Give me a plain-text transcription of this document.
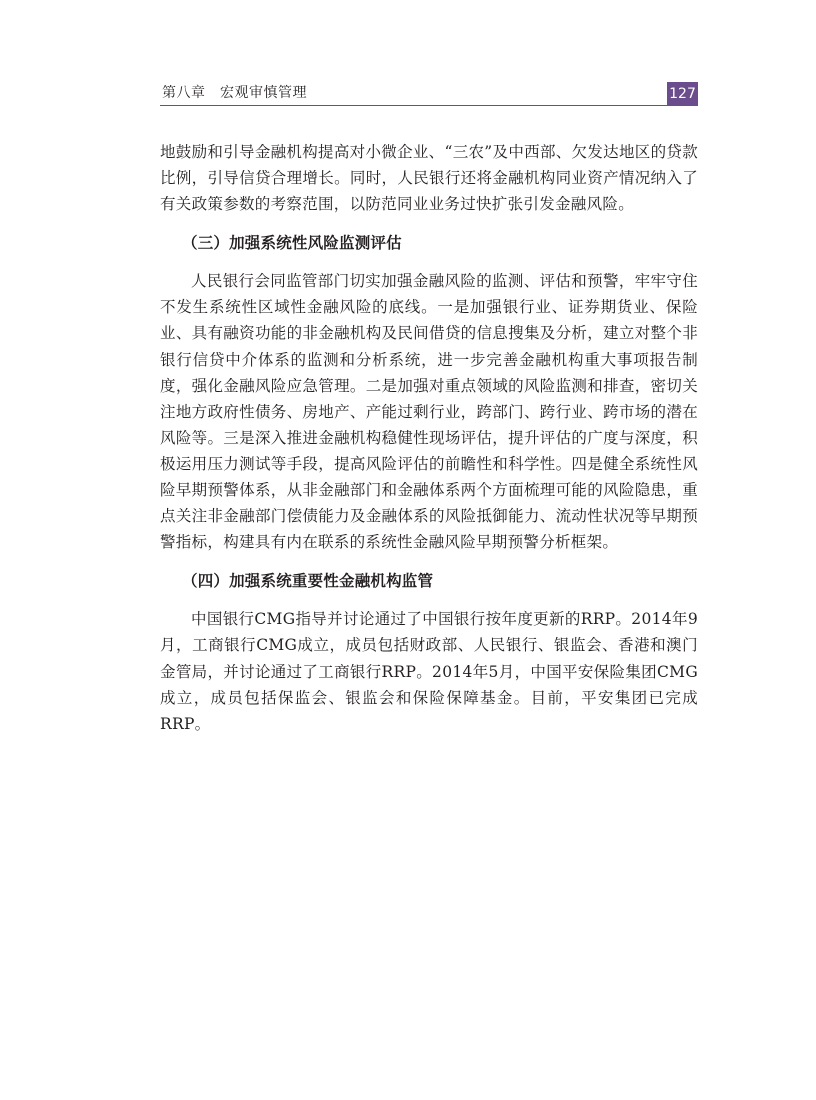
第八章　宏观审慎管理	127

地鼓励和引导金融机构提高对小微企业、“三农”及中西部、欠发达地区的贷款比例，引导信贷合理增长。同时，人民银行还将金融机构同业资产情况纳入了有关政策参数的考察范围，以防范同业业务过快扩张引发金融风险。

（三）加强系统性风险监测评估

人民银行会同监管部门切实加强金融风险的监测、评估和预警，牢牢守住不发生系统性区域性金融风险的底线。一是加强银行业、证券期货业、保险业、具有融资功能的非金融机构及民间借贷的信息搜集及分析，建立对整个非银行信贷中介体系的监测和分析系统，进一步完善金融机构重大事项报告制度，强化金融风险应急管理。二是加强对重点领域的风险监测和排查，密切关注地方政府性债务、房地产、产能过剩行业，跨部门、跨行业、跨市场的潜在风险等。三是深入推进金融机构稳健性现场评估，提升评估的广度与深度，积极运用压力测试等手段，提高风险评估的前瞻性和科学性。四是健全系统性风险早期预警体系，从非金融部门和金融体系两个方面梳理可能的风险隐患，重点关注非金融部门偿债能力及金融体系的风险抵御能力、流动性状况等早期预警指标，构建具有内在联系的系统性金融风险早期预警分析框架。

（四）加强系统重要性金融机构监管

中国银行CMG指导并讨论通过了中国银行按年度更新的RRP。2014年9月，工商银行CMG成立，成员包括财政部、人民银行、银监会、香港和澳门金管局，并讨论通过了工商银行RRP。2014年5月，中国平安保险集团CMG成立，成员包括保监会、银监会和保险保障基金。目前，平安集团已完成RRP。
